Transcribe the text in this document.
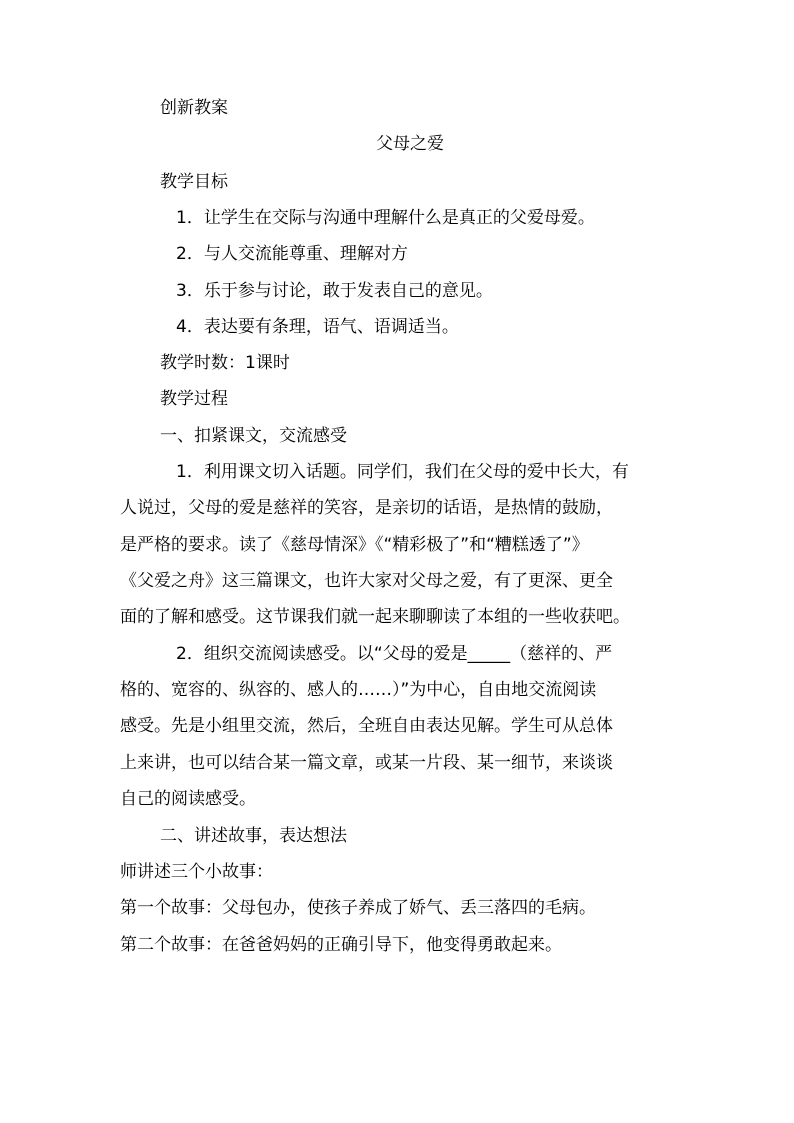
创新教案
父母之爱
教学目标
1．让学生在交际与沟通中理解什么是真正的父爱母爱。
2．与人交流能尊重、理解对方
3．乐于参与讨论，敢于发表自己的意见。
4．表达要有条理，语气、语调适当。
教学时数：1课时
教学过程
一、扣紧课文，交流感受
1．利用课文切入话题。同学们，我们在父母的爱中长大，有
人说过，父母的爱是慈祥的笑容，是亲切的话语，是热情的鼓励，
是严格的要求。读了《慈母情深》《“精彩极了”和“糟糕透了”》
《父爱之舟》这三篇课文，也许大家对父母之爱，有了更深、更全
面的了解和感受。这节课我们就一起来聊聊读了本组的一些收获吧。
2．组织交流阅读感受。以“父母的爱是_____（慈祥的、严
格的、宽容的、纵容的、感人的……）”为中心，自由地交流阅读
感受。先是小组里交流，然后，全班自由表达见解。学生可从总体
上来讲，也可以结合某一篇文章，或某一片段、某一细节，来谈谈
自己的阅读感受。
二、讲述故事，表达想法
师讲述三个小故事：
第一个故事：父母包办，使孩子养成了娇气、丢三落四的毛病。
第二个故事：在爸爸妈妈的正确引导下，他变得勇敢起来。
